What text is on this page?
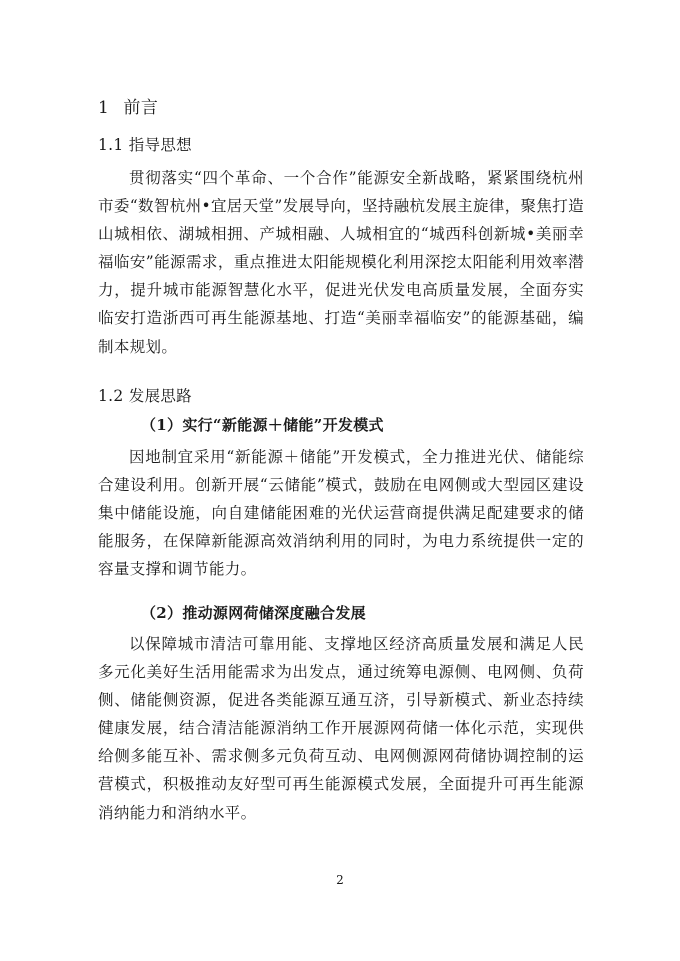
1 前言
1.1 指导思想
贯彻落实“四个革命、一个合作”能源安全新战略，紧紧围绕杭州市委“数智杭州•宜居天堂”发展导向，坚持融杭发展主旋律，聚焦打造山城相依、湖城相拥、产城相融、人城相宜的“城西科创新城•美丽幸福临安”能源需求，重点推进太阳能规模化利用深挖太阳能利用效率潜力，提升城市能源智慧化水平，促进光伏发电高质量发展，全面夯实临安打造浙西可再生能源基地、打造“美丽幸福临安”的能源基础，编制本规划。
1.2 发展思路
（1）实行“新能源＋储能”开发模式
因地制宜采用“新能源＋储能”开发模式，全力推进光伏、储能综合建设利用。创新开展“云储能”模式，鼓励在电网侧或大型园区建设集中储能设施，向自建储能困难的光伏运营商提供满足配建要求的储能服务，在保障新能源高效消纳利用的同时，为电力系统提供一定的容量支撑和调节能力。
（2）推动源网荷储深度融合发展
以保障城市清洁可靠用能、支撑地区经济高质量发展和满足人民多元化美好生活用能需求为出发点，通过统筹电源侧、电网侧、负荷侧、储能侧资源，促进各类能源互通互济，引导新模式、新业态持续健康发展，结合清洁能源消纳工作开展源网荷储一体化示范，实现供给侧多能互补、需求侧多元负荷互动、电网侧源网荷储协调控制的运营模式，积极推动友好型可再生能源模式发展，全面提升可再生能源消纳能力和消纳水平。
2
